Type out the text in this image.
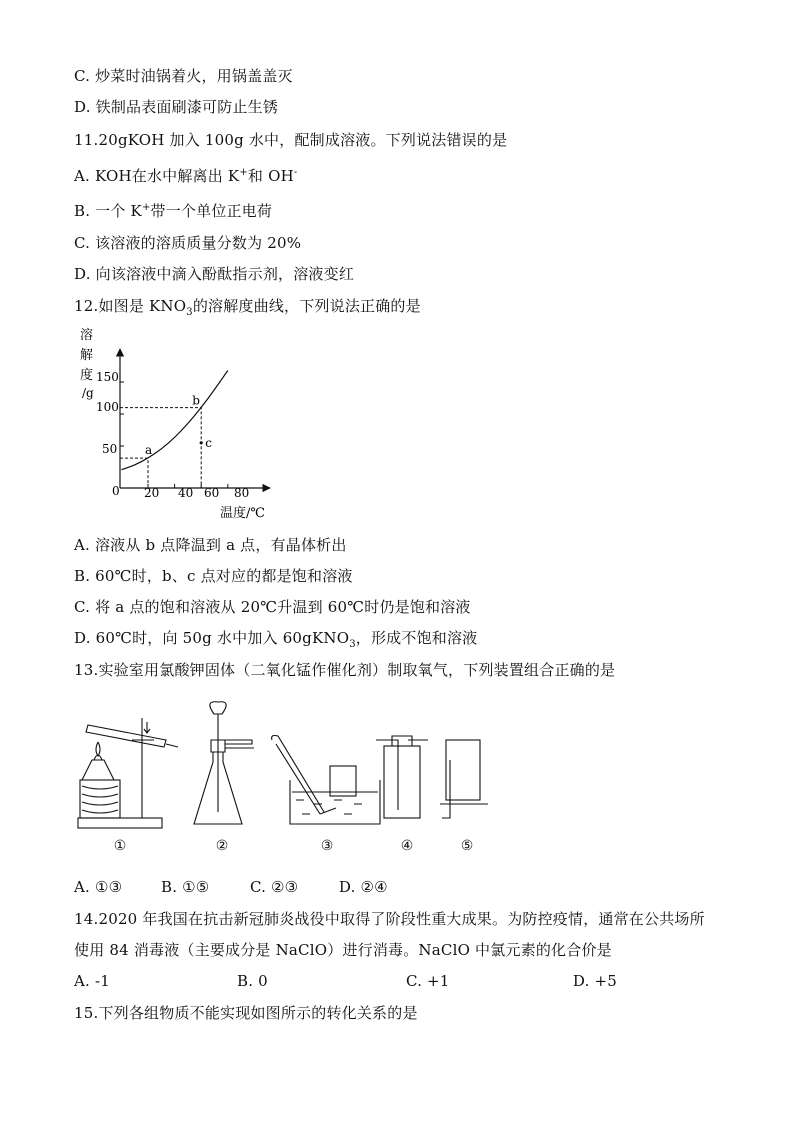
C. 炒菜时油锅着火，用锅盖盖灭
D. 铁制品表面刷漆可防止生锈
11.20gKOH 加入 100g 水中，配制成溶液。下列说法错误的是
A. KOH在水中解离出 K+和 OH-
B. 一个 K+带一个单位正电荷
C. 该溶液的溶质质量分数为 20%
D. 向该溶液中滴入酚酞指示剂，溶液变红
12.如图是 $KNO_3$的溶解度曲线，下列说法正确的是
溶
解
度
/g
150
100
50
0 20 40 60 80
温度/℃
a
b
c
A. 溶液从 b 点降温到 a 点，有晶体析出
B. 60℃时，b、c 点对应的都是饱和溶液
C. 将 a 点的饱和溶液从 20℃升温到 60℃时仍是饱和溶液
D. 60℃时，向 50g 水中加入 60gKNO$_3$，形成不饱和溶液
13.实验室用氯酸钾固体（二氧化锰作催化剂）制取氧气，下列装置组合正确的是
①	②	③	④	⑤
A. ①③	B. ①⑤	C. ②③	D. ②④
14.2020 年我国在抗击新冠肺炎战役中取得了阶段性重大成果。为防控疫情，通常在公共场所
使用 84 消毒液（主要成分是 NaClO）进行消毒。NaClO 中氯元素的化合价是
A. -1	B. 0	C. +1	D. +5
15.下列各组物质不能实现如图所示的转化关系的是
